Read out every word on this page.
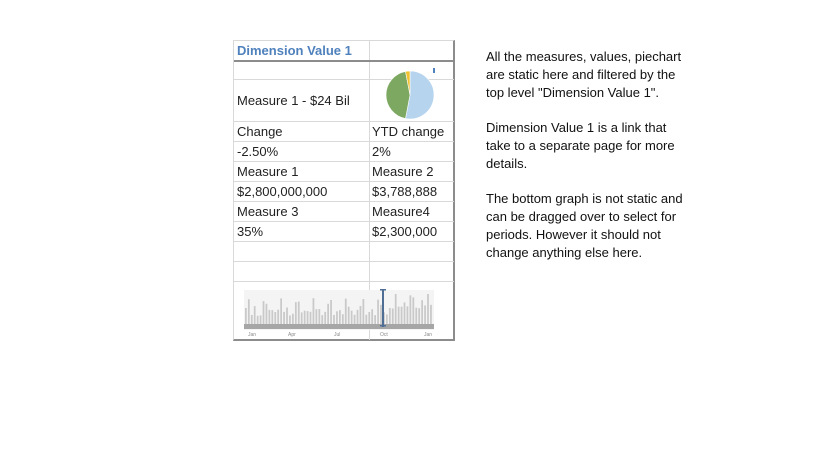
Dimension Value 1
Measure 1 - $24 Bil
Change	YTD change
-2.50%	2%
Measure 1	Measure 2
$2,800,000,000	$3,788,888
Measure 3	Measure4
35%	$2,300,000
Jan	Apr	Jul	Oct	Jan

All the measures, values, piechart are static here and filtered by the top level "Dimension Value 1".

Dimension Value 1 is a link that take to a separate page for more details.

The bottom graph is not static and can be dragged over to select for periods. However it should not change anything else here.
